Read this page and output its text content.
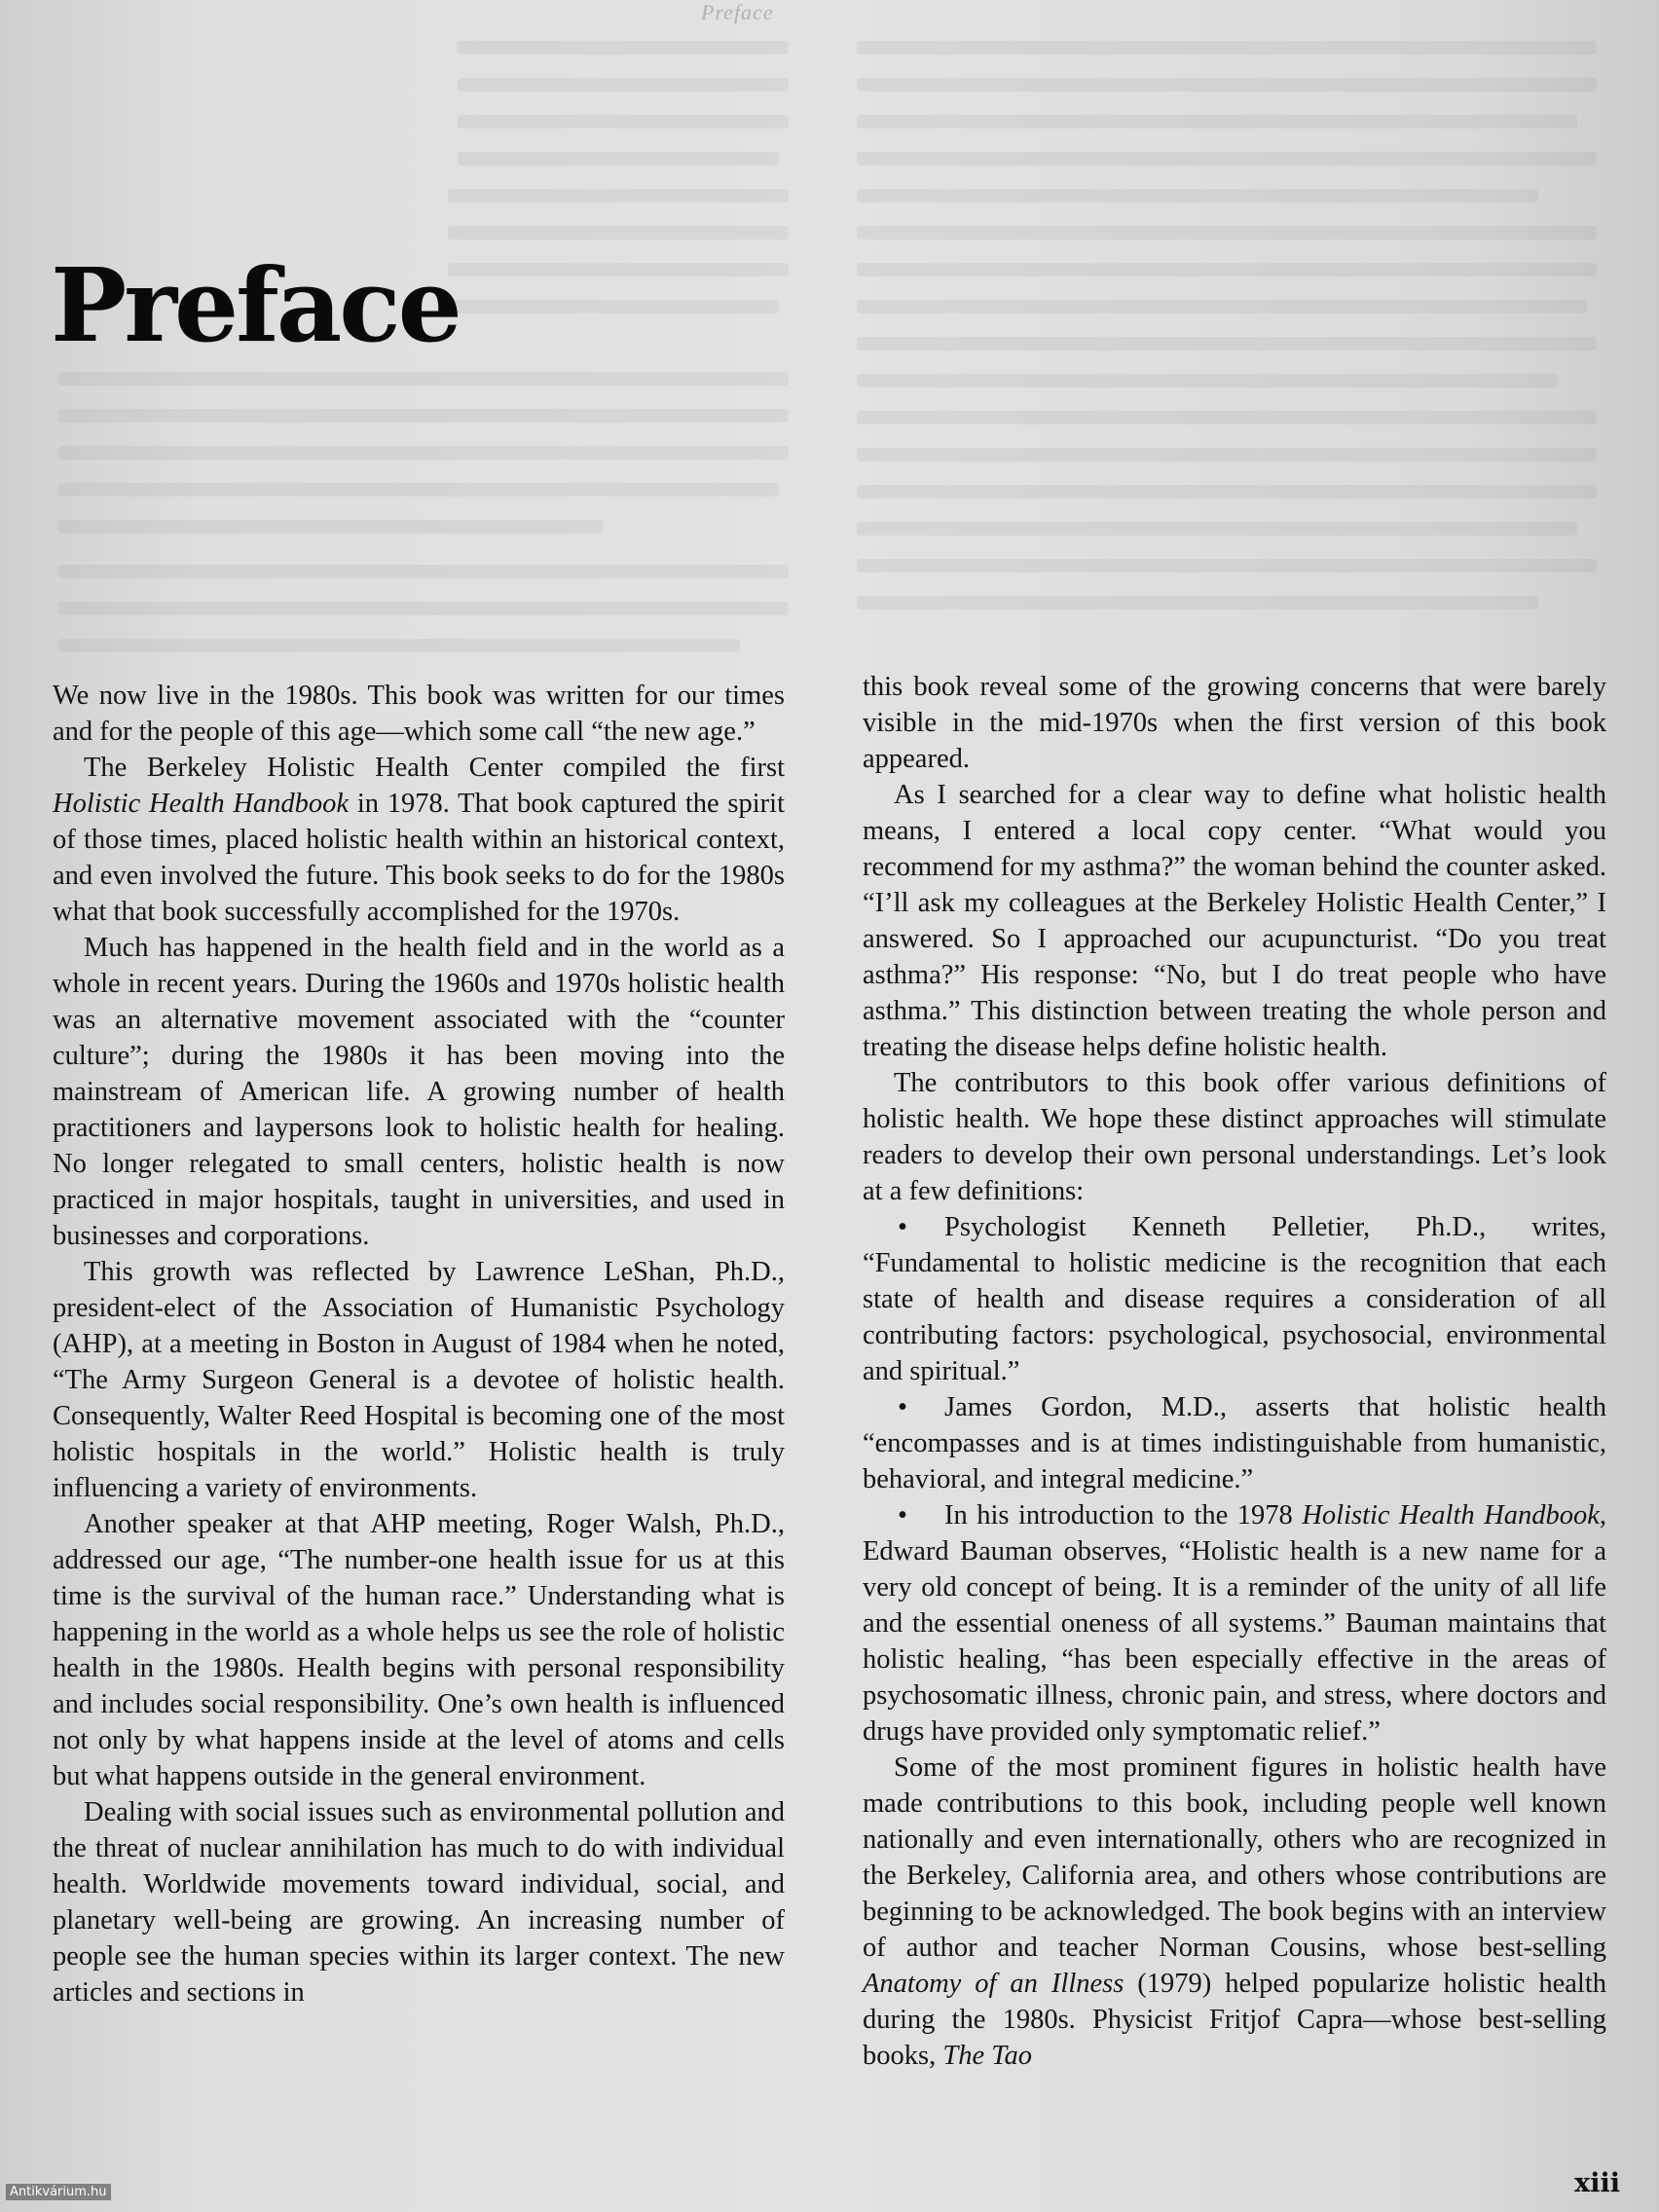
Preface
Preface

We now live in the 1980s. This book was written for our times and for the people of this age—which some call “the new age.”

The Berkeley Holistic Health Center compiled the first Holistic Health Handbook in 1978. That book captured the spirit of those times, placed holistic health within an historical context, and even involved the future. This book seeks to do for the 1980s what that book successfully accomplished for the 1970s.

Much has happened in the health field and in the world as a whole in recent years. During the 1960s and 1970s holistic health was an alternative movement associated with the “counter culture”; during the 1980s it has been moving into the mainstream of American life. A growing number of health practitioners and laypersons look to holistic health for healing. No longer relegated to small centers, holistic health is now practiced in major hospitals, taught in universities, and used in businesses and corporations.

This growth was reflected by Lawrence LeShan, Ph.D., president-elect of the Association of Humanistic Psychology (AHP), at a meeting in Boston in August of 1984 when he noted, “The Army Surgeon General is a devotee of holistic health. Consequently, Walter Reed Hospital is becoming one of the most holistic hospitals in the world.” Holistic health is truly influencing a variety of environments.

Another speaker at that AHP meeting, Roger Walsh, Ph.D., addressed our age, “The number-one health issue for us at this time is the survival of the human race.” Understanding what is happening in the world as a whole helps us see the role of holistic health in the 1980s. Health begins with personal responsibility and includes social responsibility. One’s own health is influenced not only by what happens inside at the level of atoms and cells but what happens outside in the general environment.

Dealing with social issues such as environmental pollution and the threat of nuclear annihilation has much to do with individual health. Worldwide movements toward individual, social, and planetary well-being are growing. An increasing number of people see the human species within its larger context. The new articles and sections in

this book reveal some of the growing concerns that were barely visible in the mid-1970s when the first version of this book appeared.

As I searched for a clear way to define what holistic health means, I entered a local copy center. “What would you recommend for my asthma?” the woman behind the counter asked. “I’ll ask my colleagues at the Berkeley Holistic Health Center,” I answered. So I approached our acupuncturist. “Do you treat asthma?” His response: “No, but I do treat people who have asthma.” This distinction between treating the whole person and treating the disease helps define holistic health.

The contributors to this book offer various definitions of holistic health. We hope these distinct approaches will stimulate readers to develop their own personal understandings. Let’s look at a few definitions:

• Psychologist Kenneth Pelletier, Ph.D., writes, “Fundamental to holistic medicine is the recognition that each state of health and disease requires a consideration of all contributing factors: psychological, psychosocial, environmental and spiritual.”

• James Gordon, M.D., asserts that holistic health “encompasses and is at times indistinguishable from humanistic, behavioral, and integral medicine.”

• In his introduction to the 1978 Holistic Health Handbook, Edward Bauman observes, “Holistic health is a new name for a very old concept of being. It is a reminder of the unity of all life and the essential oneness of all systems.” Bauman maintains that holistic healing, “has been especially effective in the areas of psychosomatic illness, chronic pain, and stress, where doctors and drugs have provided only symptomatic relief.”

Some of the most prominent figures in holistic health have made contributions to this book, including people well known nationally and even internationally, others who are recognized in the Berkeley, California area, and others whose contributions are beginning to be acknowledged. The book begins with an interview of author and teacher Norman Cousins, whose best-selling Anatomy of an Illness (1979) helped popularize holistic health during the 1980s. Physicist Fritjof Capra—whose best-selling books, The Tao

xiii
Antikvárium.hu
